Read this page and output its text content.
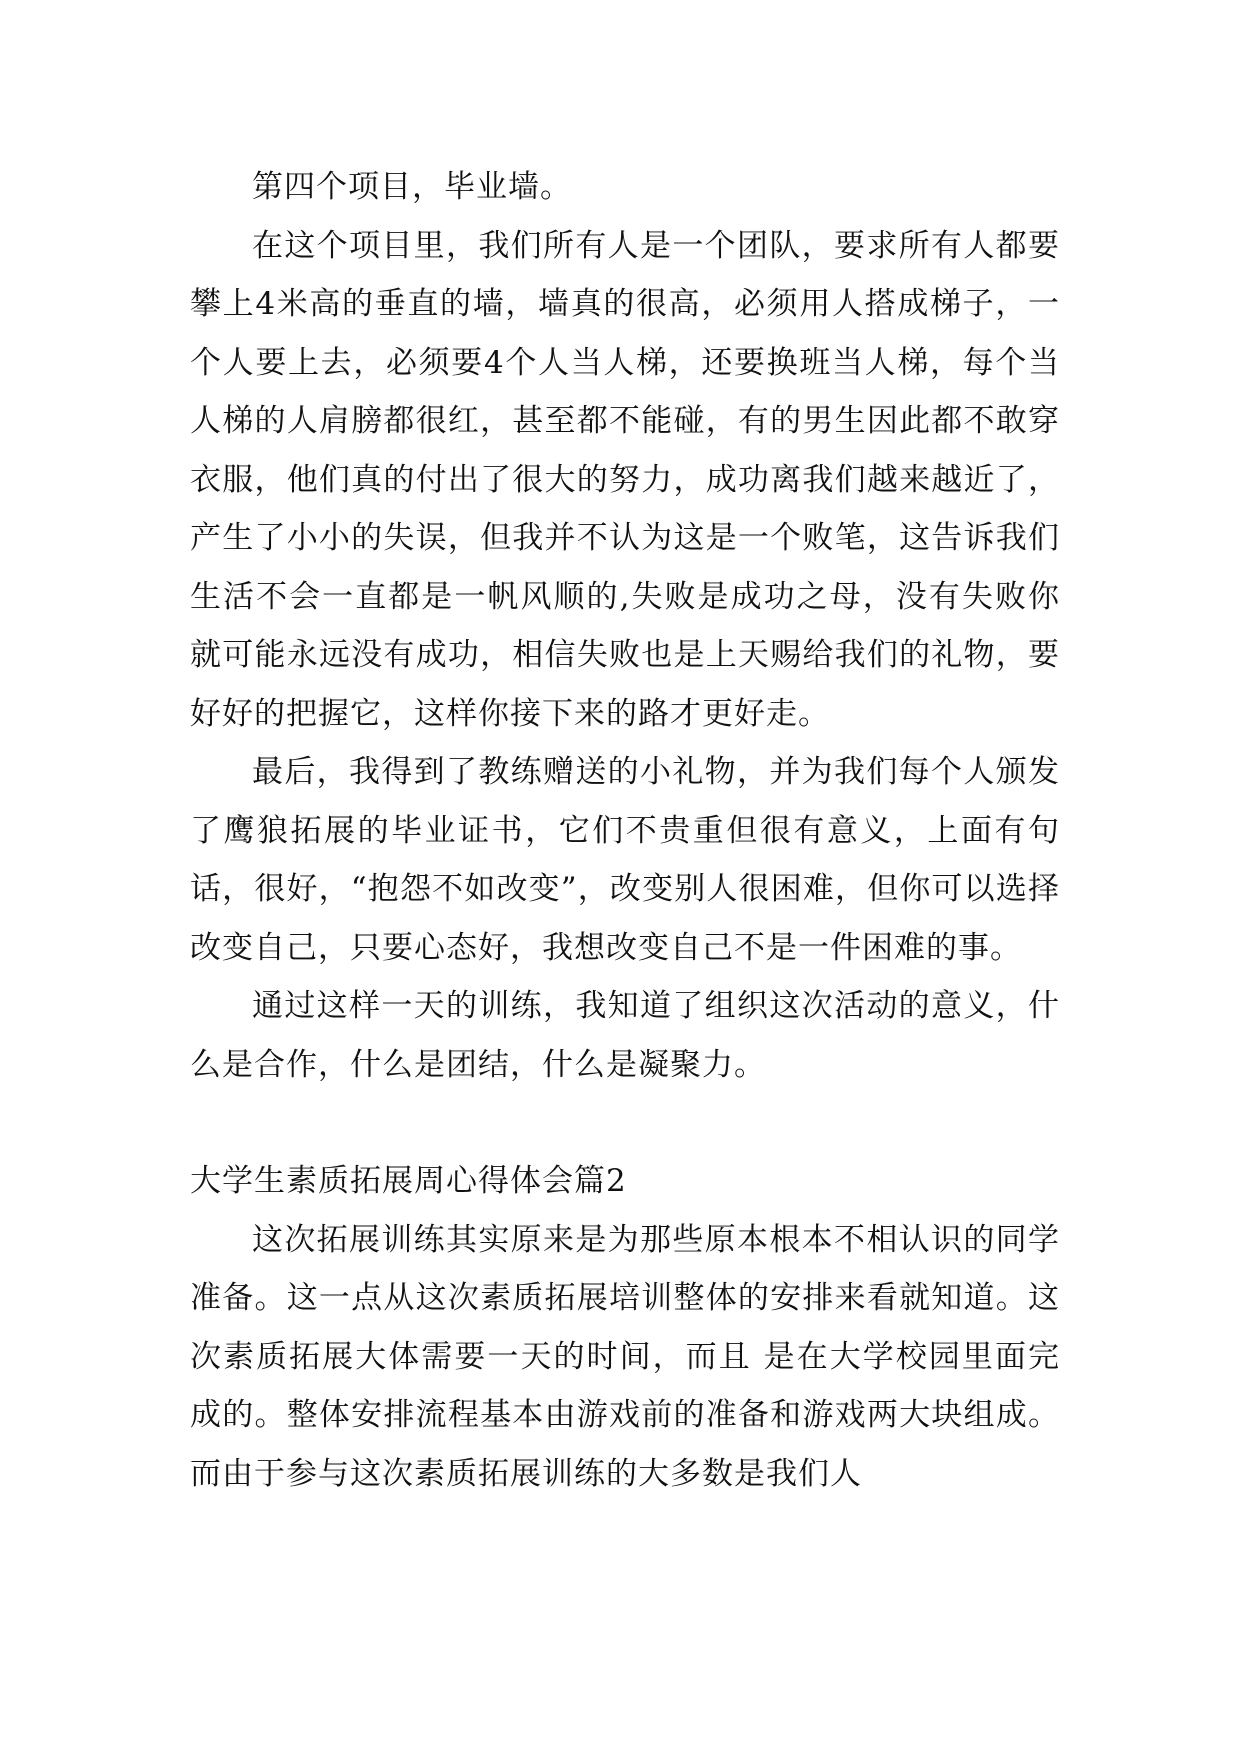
第四个项目，毕业墙。

在这个项目里，我们所有人是一个团队，要求所有人都要攀上4米高的垂直的墙，墙真的很高，必须用人搭成梯子，一个人要上去，必须要4个人当人梯，还要换班当人梯，每个当人梯的人肩膀都很红，甚至都不能碰，有的男生因此都不敢穿衣服，他们真的付出了很大的努力，成功离我们越来越近了，产生了小小的失误，但我并不认为这是一个败笔，这告诉我们生活不会一直都是一帆风顺的,失败是成功之母，没有失败你就可能永远没有成功，相信失败也是上天赐给我们的礼物，要好好的把握它，这样你接下来的路才更好走。

最后，我得到了教练赠送的小礼物，并为我们每个人颁发了鹰狼拓展的毕业证书，它们不贵重但很有意义，上面有句话，很好，“抱怨不如改变”，改变别人很困难，但你可以选择改变自己，只要心态好，我想改变自己不是一件困难的事。

通过这样一天的训练，我知道了组织这次活动的意义，什么是合作，什么是团结，什么是凝聚力。

大学生素质拓展周心得体会篇2

这次拓展训练其实原来是为那些原本根本不相认识的同学准备。这一点从这次素质拓展培训整体的安排来看就知道。这次素质拓展大体需要一天的时间，而且 是在大学校园里面完成的。整体安排流程基本由游戏前的准备和游戏两大块组成。而由于参与这次素质拓展训练的大多数是我们人
